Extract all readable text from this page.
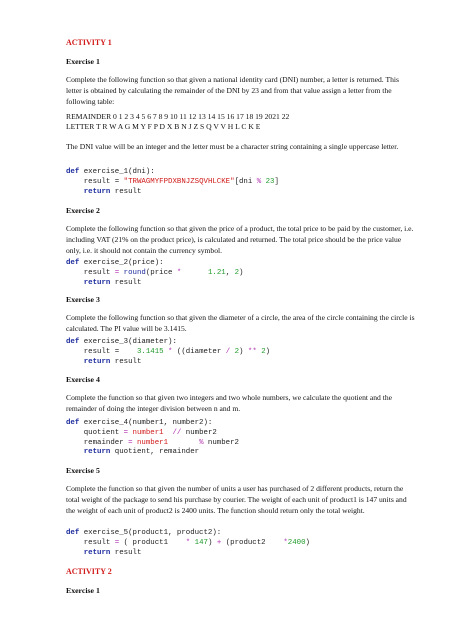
ACTIVITY 1
Exercise 1
Complete the following function so that given a national identity card (DNI) number, a letter is returned. This letter is obtained by calculating the remainder of the DNI by 23 and from that value assign a letter from the following table:
REMAINDER 0 1 2 3 4 5 6 7 8 9 10 11 12 13 14 15 16 17 18 19 2021 22
LETTER T R W A G M Y F P D X B N J Z S Q V V H L C K E
The DNI value will be an integer and the letter must be a character string containing a single uppercase letter.
def exercise_1(dni):
result = "TRWAGMYFPDXBNJZSQVHLCKE"[dni % 23]
return result
Exercise 2
Complete the following function so that given the price of a product, the total price to be paid by the customer, i.e. including VAT (21% on the product price), is calculated and returned. The total price should be the price value only, i.e. it should not contain the currency symbol.
def exercise_2(price):
result = round(price *	1.21, 2)
return result
Exercise 3
Complete the following function so that given the diameter of a circle, the area of the circle containing the circle is calculated. The PI value will be 3.1415.
def exercise_3(diameter):
result =    3.1415 * ((diameter / 2) ** 2)
return result
Exercise 4
Complete the function so that given two integers and two whole numbers, we calculate the quotient and the remainder of doing the integer division between n and m.
def exercise_4(number1, number2):
quotient = number1 // number2
remainder = number1	% number2
return quotient, remainder
Exercise 5
Complete the function so that given the number of units a user has purchased of 2 different products, return the total weight of the package to send his purchase by courier. The weight of each unit of product1 is 147 units and the weight of each unit of product2 is 2400 units. The function should return only the total weight.
def exercise_5(product1, product2):
result = ( product1    * 147) + (product2    *2400)
return result
ACTIVITY 2
Exercise 1
